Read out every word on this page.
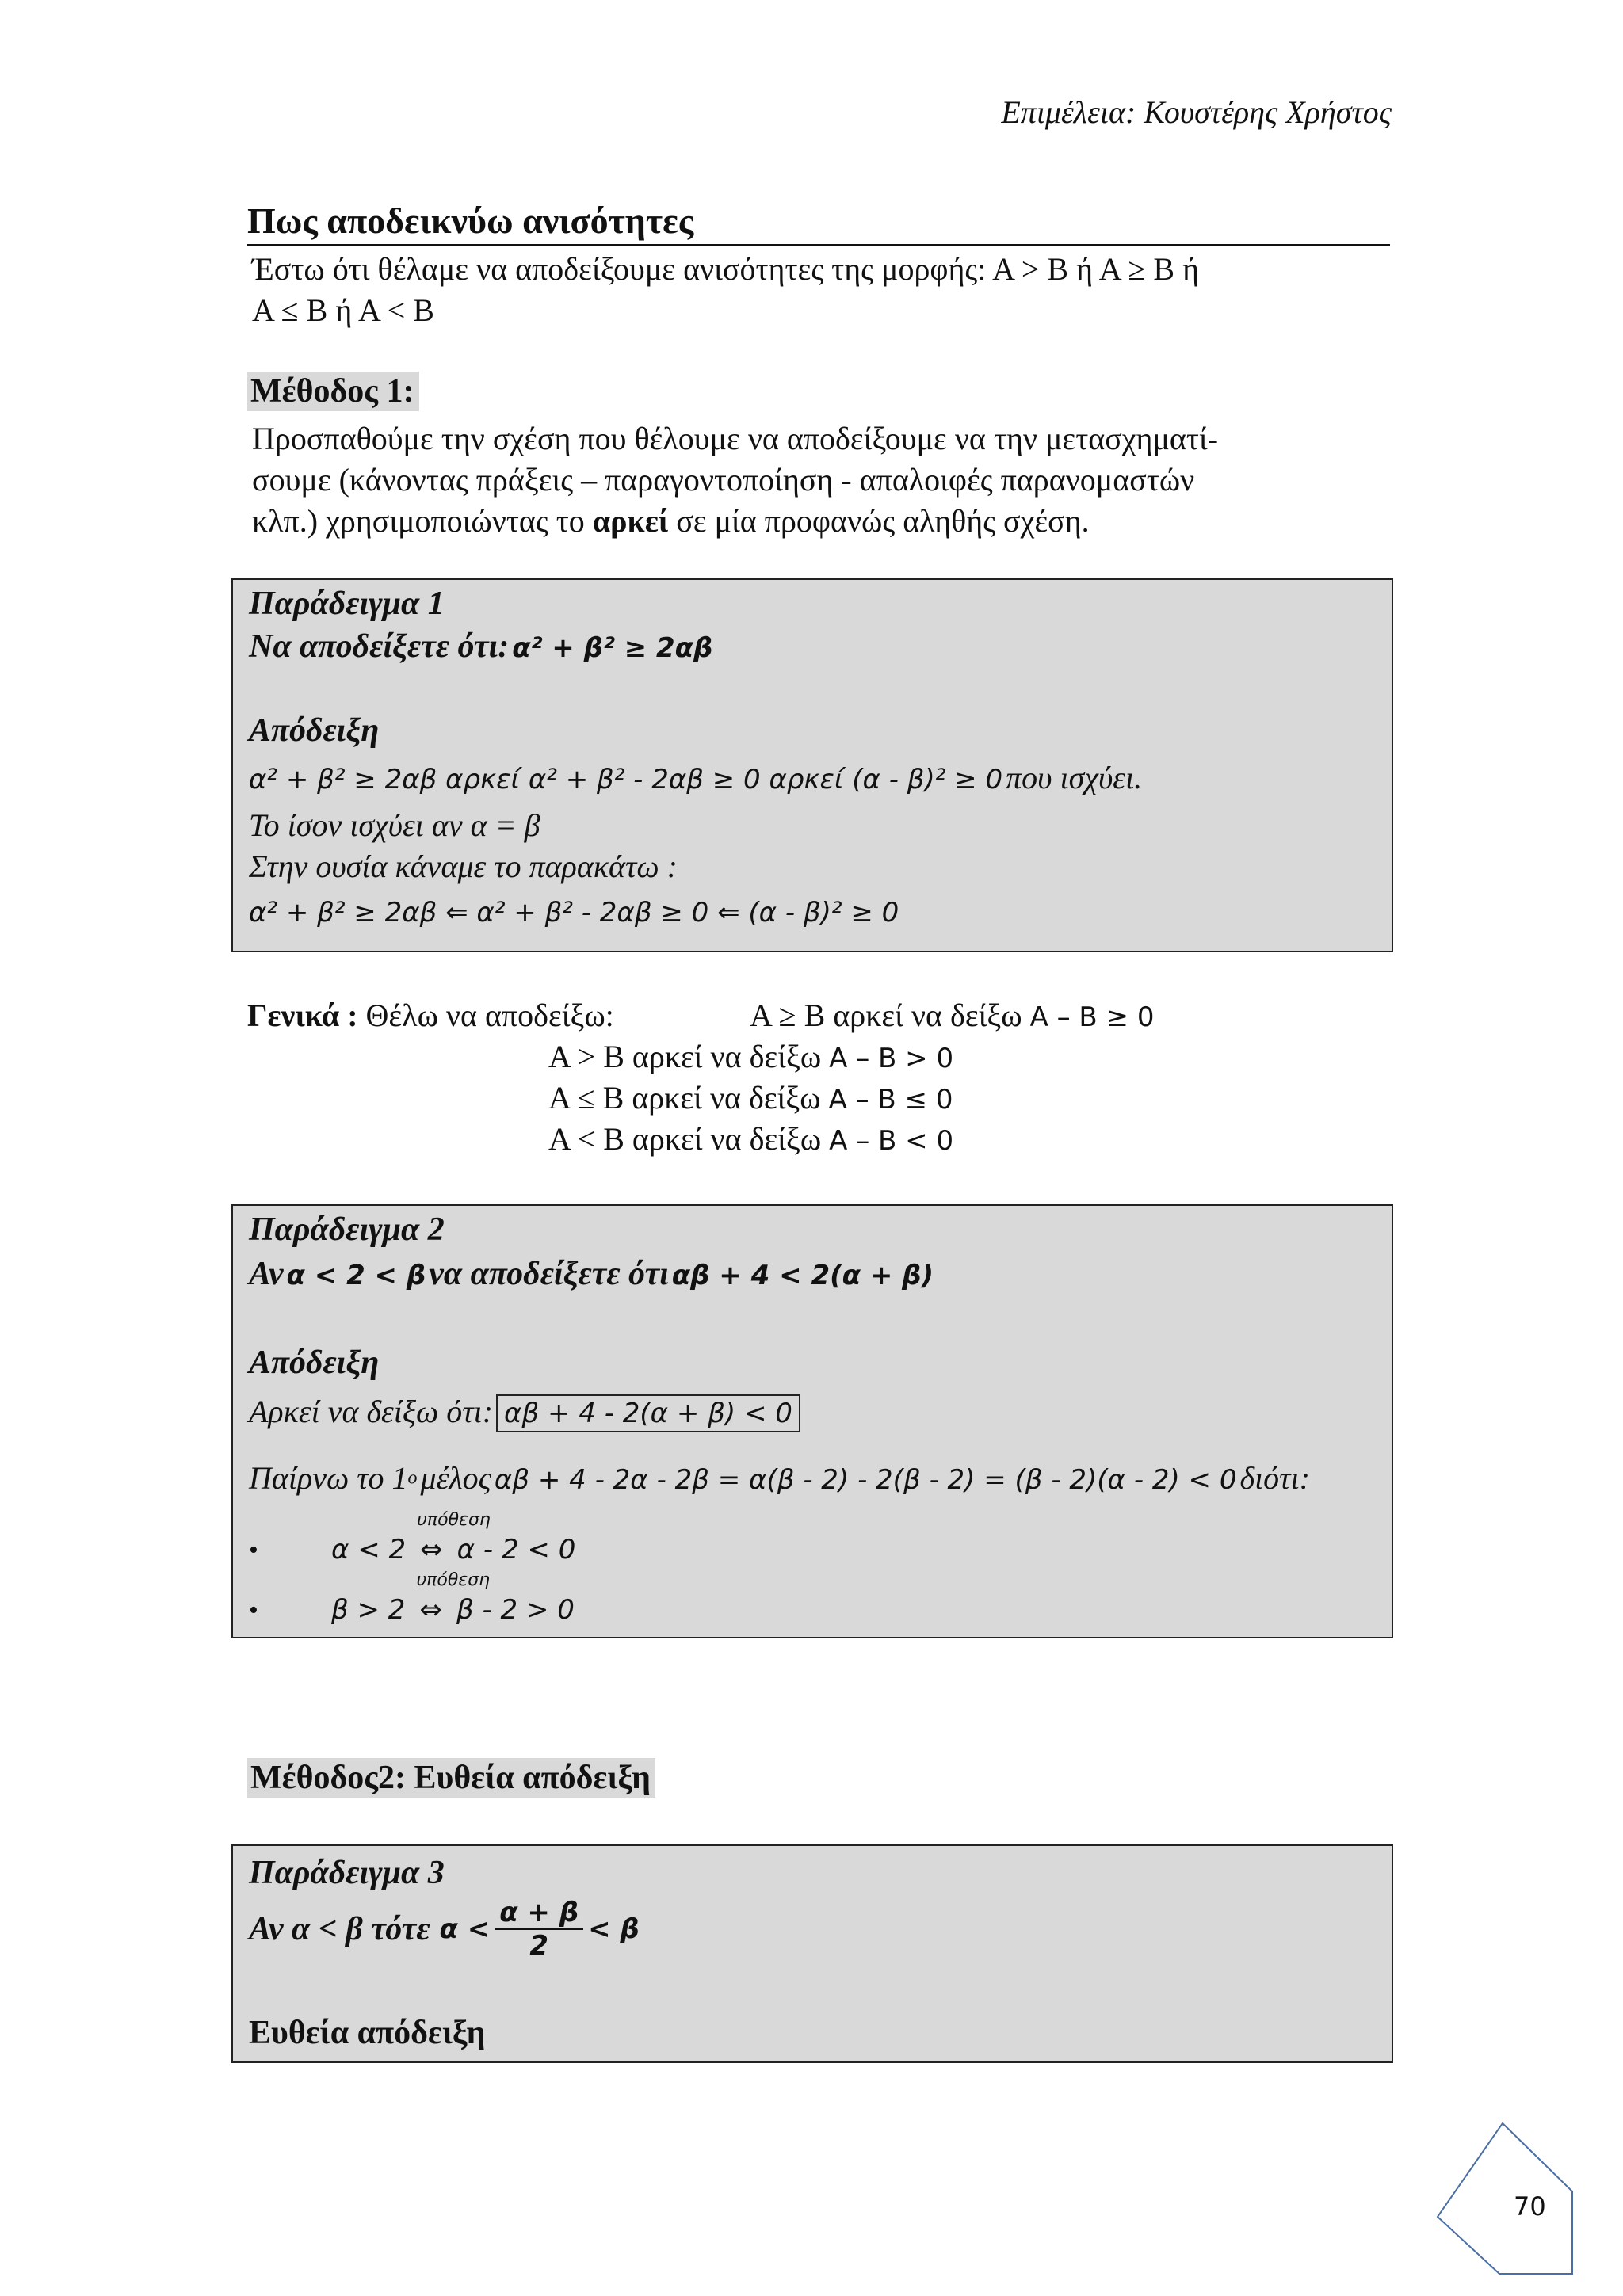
Επιμέλεια: Κουστέρης Χρήστος
Πως αποδεικνύω ανισότητες
Έστω ότι θέλαμε να αποδείξουμε ανισότητες της μορφής: Α > Β ή Α ≥ Β ή
Α ≤ Β ή Α < Β
Μέθοδος 1:
Προσπαθούμε την σχέση που θέλουμε να αποδείξουμε να την μετασχηματί-
σουμε (κάνοντας πράξεις – παραγοντοποίηση - απαλοιφές παρανομαστών
κλπ.) χρησιμοποιώντας το αρκεί σε μία προφανώς αληθής σχέση.
Παράδειγμα 1
Να αποδείξετε ότι: α² + β² ≥ 2αβ
Απόδειξη
α² + β² ≥ 2αβ αρκεί α² + β² - 2αβ ≥ 0 αρκεί (α - β)² ≥ 0 που ισχύει.
Το ίσον ισχύει αν α = β
Στην ουσία κάναμε το παρακάτω :
α² + β² ≥ 2αβ ⇐ α² + β² - 2αβ ≥ 0 ⇐ (α - β)² ≥ 0
Γενικά : Θέλω να αποδείξω:	Α ≥ Β αρκεί να δείξω Α – Β ≥ 0
Α > Β αρκεί να δείξω Α – Β > 0
Α ≤ Β αρκεί να δείξω Α – Β ≤ 0
Α < Β αρκεί να δείξω Α – Β < 0
Παράδειγμα 2
Αν α < 2 < β να αποδείξετε ότι αβ + 4 < 2(α + β)
Απόδειξη
Αρκεί να δείξω ότι: αβ + 4 - 2(α + β) < 0
Παίρνω το $1^o$ μέλος αβ + 4 - 2α - 2β = α(β - 2) - 2(β - 2) = (β - 2)(α - 2) < 0 διότι:
•	α < 2
υπόθεση
⇔ α - 2 < 0
•	β > 2
υπόθεση
⇔ β - 2 > 0
Μέθοδος2: Ευθεία απόδειξη
Παράδειγμα 3
Αν α < β τότε $\alpha < \frac{\alpha + \beta}{2} < \beta$
Ευθεία απόδειξη
70
